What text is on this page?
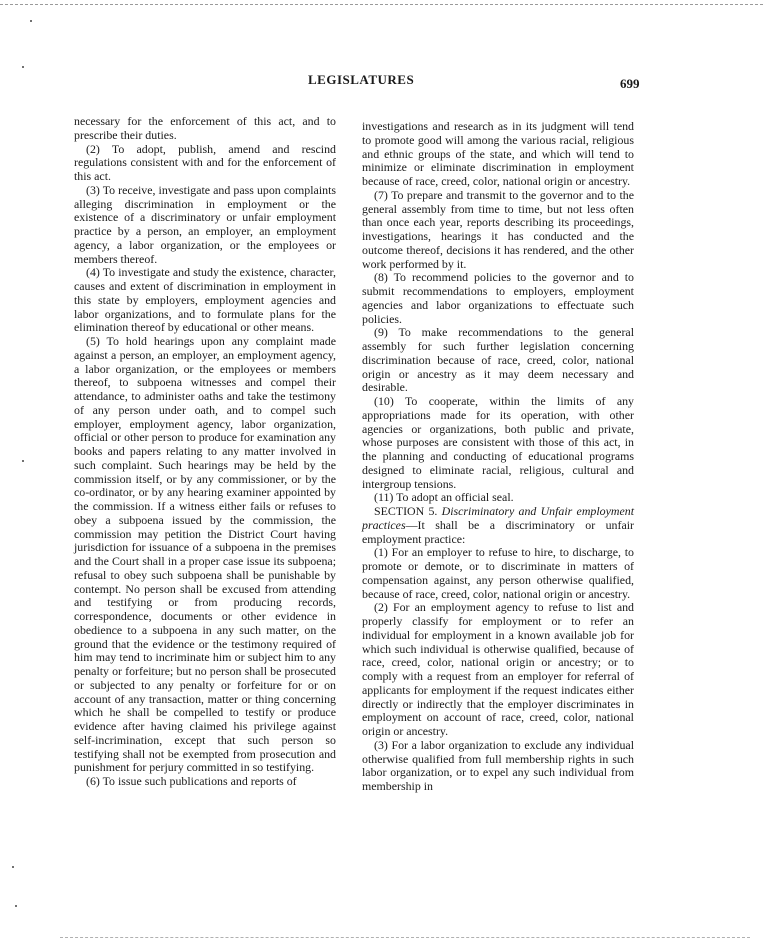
LEGISLATURES	699

necessary for the enforcement of this act, and to prescribe their duties.

(2) To adopt, publish, amend and rescind regulations consistent with and for the enforcement of this act.

(3) To receive, investigate and pass upon complaints alleging discrimination in employment or the existence of a discriminatory or unfair employment practice by a person, an employer, an employment agency, a labor organization, or the employees or members thereof.

(4) To investigate and study the existence, character, causes and extent of discrimination in employment in this state by employers, employment agencies and labor organizations, and to formulate plans for the elimination thereof by educational or other means.

(5) To hold hearings upon any complaint made against a person, an employer, an employment agency, a labor organization, or the employees or members thereof, to subpoena witnesses and compel their attendance, to administer oaths and take the testimony of any person under oath, and to compel such employer, employment agency, labor organization, official or other person to produce for examination any books and papers relating to any matter involved in such complaint. Such hearings may be held by the commission itself, or by any commissioner, or by the co-ordinator, or by any hearing examiner appointed by the commission. If a witness either fails or refuses to obey a subpoena issued by the commission, the commission may petition the District Court having jurisdiction for issuance of a subpoena in the premises and the Court shall in a proper case issue its subpoena; refusal to obey such subpoena shall be punishable by contempt. No person shall be excused from attending and testifying or from producing records, correspondence, documents or other evidence in obedience to a subpoena in any such matter, on the ground that the evidence or the testimony required of him may tend to incriminate him or subject him to any penalty or forfeiture; but no person shall be prosecuted or subjected to any penalty or forfeiture for or on account of any transaction, matter or thing concerning which he shall be compelled to testify or produce evidence after having claimed his privilege against self-incrimination, except that such person so testifying shall not be exempted from prosecution and punishment for perjury committed in so testifying.

(6) To issue such publications and reports of

investigations and research as in its judgment will tend to promote good will among the various racial, religious and ethnic groups of the state, and which will tend to minimize or eliminate discrimination in employment because of race, creed, color, national origin or ancestry.

(7) To prepare and transmit to the governor and to the general assembly from time to time, but not less often than once each year, reports describing its proceedings, investigations, hearings it has conducted and the outcome thereof, decisions it has rendered, and the other work performed by it.

(8) To recommend policies to the governor and to submit recommendations to employers, employment agencies and labor organizations to effectuate such policies.

(9) To make recommendations to the general assembly for such further legislation concerning discrimination because of race, creed, color, national origin or ancestry as it may deem necessary and desirable.

(10) To cooperate, within the limits of any appropriations made for its operation, with other agencies or organizations, both public and private, whose purposes are consistent with those of this act, in the planning and conducting of educational programs designed to eliminate racial, religious, cultural and intergroup tensions.

(11) To adopt an official seal.

SECTION 5. Discriminatory and Unfair employment practices—It shall be a discriminatory or unfair employment practice:

(1) For an employer to refuse to hire, to discharge, to promote or demote, or to discriminate in matters of compensation against, any person otherwise qualified, because of race, creed, color, national origin or ancestry.

(2) For an employment agency to refuse to list and properly classify for employment or to refer an individual for employment in a known available job for which such individual is otherwise qualified, because of race, creed, color, national origin or ancestry; or to comply with a request from an employer for referral of applicants for employment if the request indicates either directly or indirectly that the employer discriminates in employment on account of race, creed, color, national origin or ancestry.

(3) For a labor organization to exclude any individual otherwise qualified from full membership rights in such labor organization, or to expel any such individual from membership in
